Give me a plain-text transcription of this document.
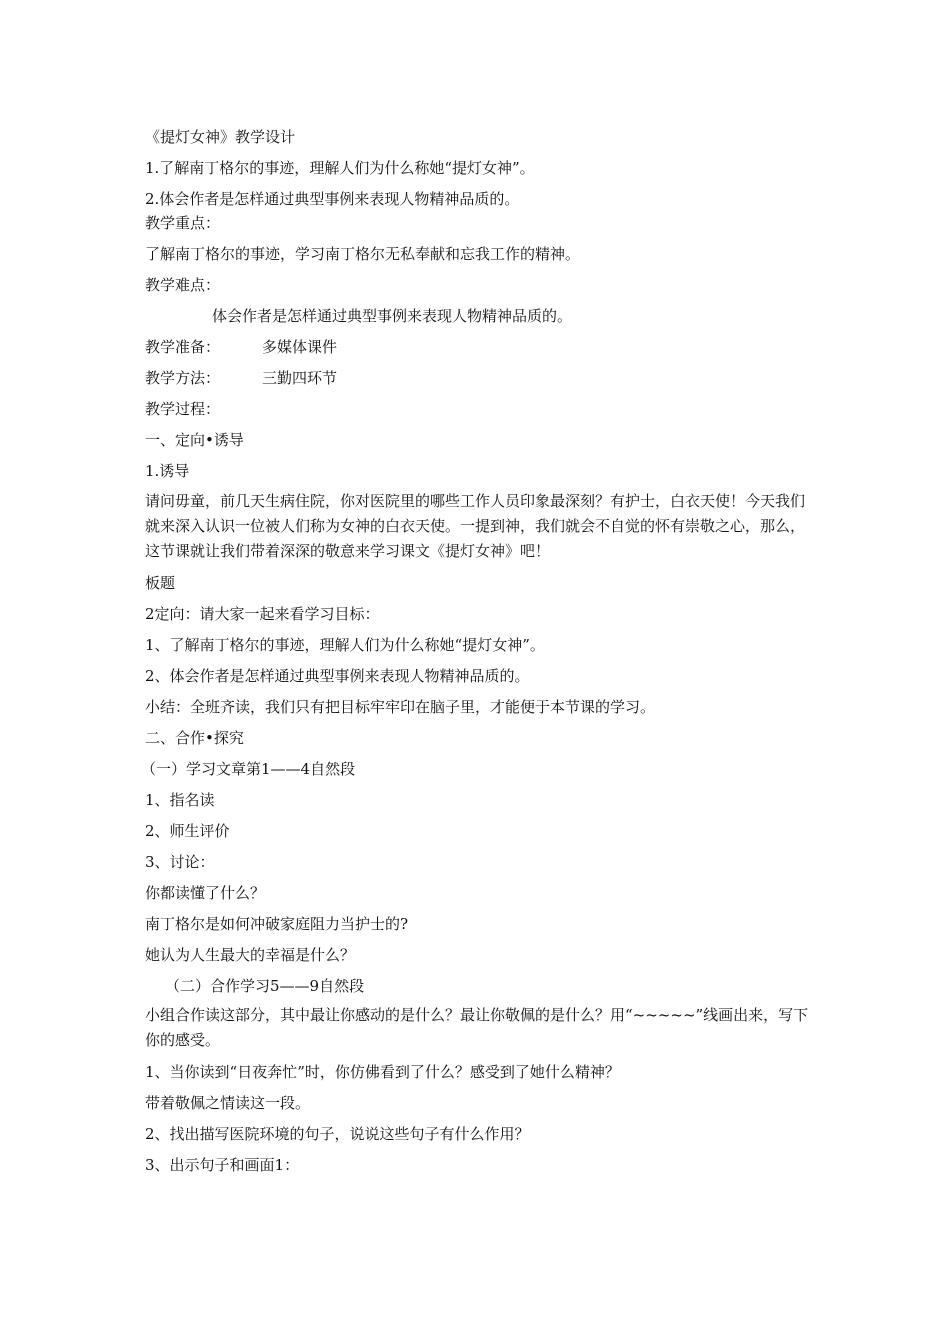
《提灯女神》教学设计
1.了解南丁格尔的事迹，理解人们为什么称她“提灯女神”。
2.体会作者是怎样通过典型事例来表现人物精神品质的。
教学重点：
了解南丁格尔的事迹，学习南丁格尔无私奉献和忘我工作的精神。
教学难点：
体会作者是怎样通过典型事例来表现人物精神品质的。
教学准备：	多媒体课件
教学方法：	三勤四环节
教学过程：
一、定向•诱导
1.诱导
请问毋童，前几天生病住院，你对医院里的哪些工作人员印象最深刻？有护士，白衣天使！今天我们就来深入认识一位被人们称为女神的白衣天使。一提到神，我们就会不自觉的怀有崇敬之心，那么，这节课就让我们带着深深的敬意来学习课文《提灯女神》吧！
板题
2定向：请大家一起来看学习目标：
1、了解南丁格尔的事迹，理解人们为什么称她“提灯女神”。
2、体会作者是怎样通过典型事例来表现人物精神品质的。
小结：全班齐读，我们只有把目标牢牢印在脑子里，才能便于本节课的学习。
二、合作•探究
（一）学习文章第1——4自然段
1、指名读
2、师生评价
3、讨论：
你都读懂了什么？
南丁格尔是如何冲破家庭阻力当护士的?
她认为人生最大的幸福是什么？
（二）合作学习5——9自然段
小组合作读这部分，其中最让你感动的是什么？最让你敬佩的是什么？用“~~~~~”线画出来，写下你的感受。
1、当你读到“日夜奔忙”时，你仿佛看到了什么？感受到了她什么精神？
带着敬佩之情读这一段。
2、找出描写医院环境的句子，说说这些句子有什么作用？
3、出示句子和画面1：
